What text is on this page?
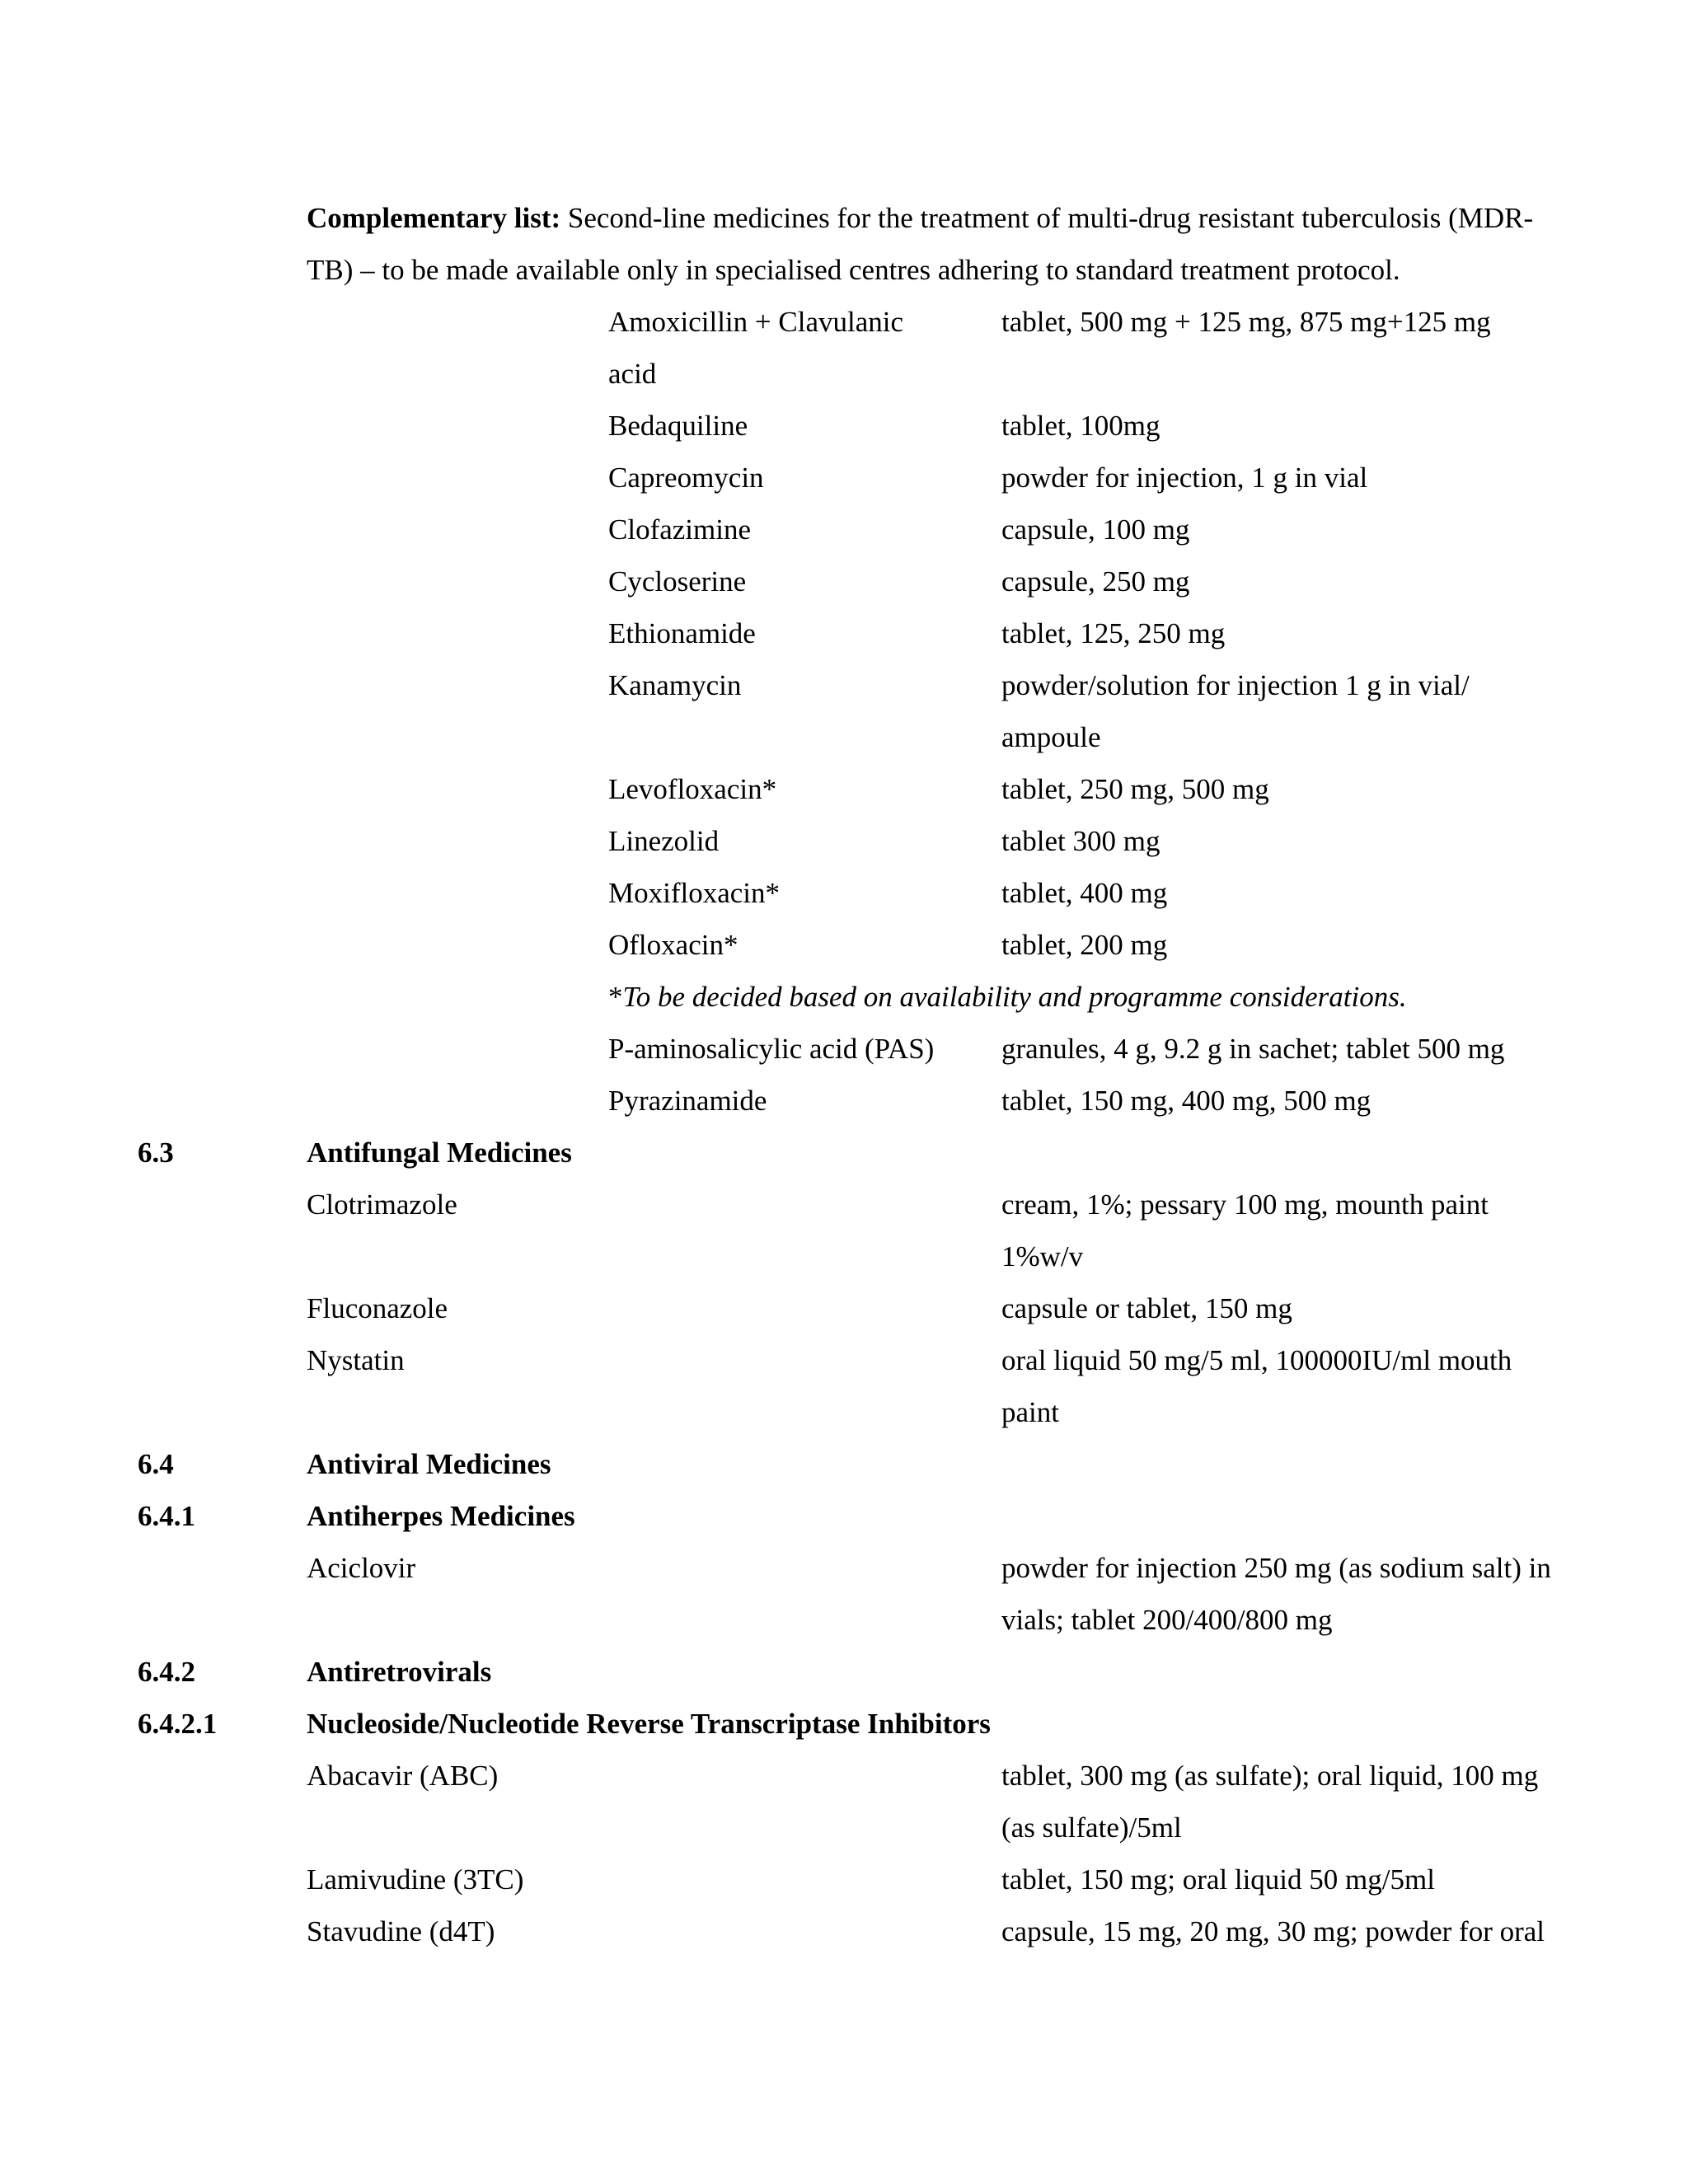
Complementary list: Second-line medicines for the treatment of multi-drug resistant tuberculosis (MDR-
TB) – to be made available only in specialised centres adhering to standard treatment protocol.
Amoxicillin + Clavulanic	tablet, 500 mg + 125 mg, 875 mg+125 mg
acid
Bedaquiline	tablet, 100mg
Capreomycin	powder for injection, 1 g in vial
Clofazimine	capsule, 100 mg
Cycloserine	capsule, 250 mg
Ethionamide	tablet, 125, 250 mg
Kanamycin	powder/solution for injection 1 g in vial/
ampoule
Levofloxacin*	tablet, 250 mg, 500 mg
Linezolid	tablet 300 mg
Moxifloxacin*	tablet, 400 mg
Ofloxacin*	tablet, 200 mg
*To be decided based on availability and programme considerations.
P-aminosalicylic acid (PAS) granules, 4 g, 9.2 g in sachet; tablet 500 mg
Pyrazinamide	tablet, 150 mg, 400 mg, 500 mg
6.3	Antifungal Medicines
Clotrimazole	cream, 1%; pessary 100 mg, mounth paint
1%w/v
Fluconazole	capsule or tablet, 150 mg
Nystatin	oral liquid 50 mg/5 ml, 100000IU/ml mouth
paint
6.4	Antiviral Medicines
6.4.1	Antiherpes Medicines
Aciclovir	powder for injection 250 mg (as sodium salt) in
vials; tablet 200/400/800 mg
6.4.2	Antiretrovirals
6.4.2.1	Nucleoside/Nucleotide Reverse Transcriptase Inhibitors
Abacavir (ABC)	tablet, 300 mg (as sulfate); oral liquid, 100 mg
(as sulfate)/5ml
Lamivudine (3TC)	tablet, 150 mg; oral liquid 50 mg/5ml
Stavudine (d4T)	capsule, 15 mg, 20 mg, 30 mg; powder for oral
